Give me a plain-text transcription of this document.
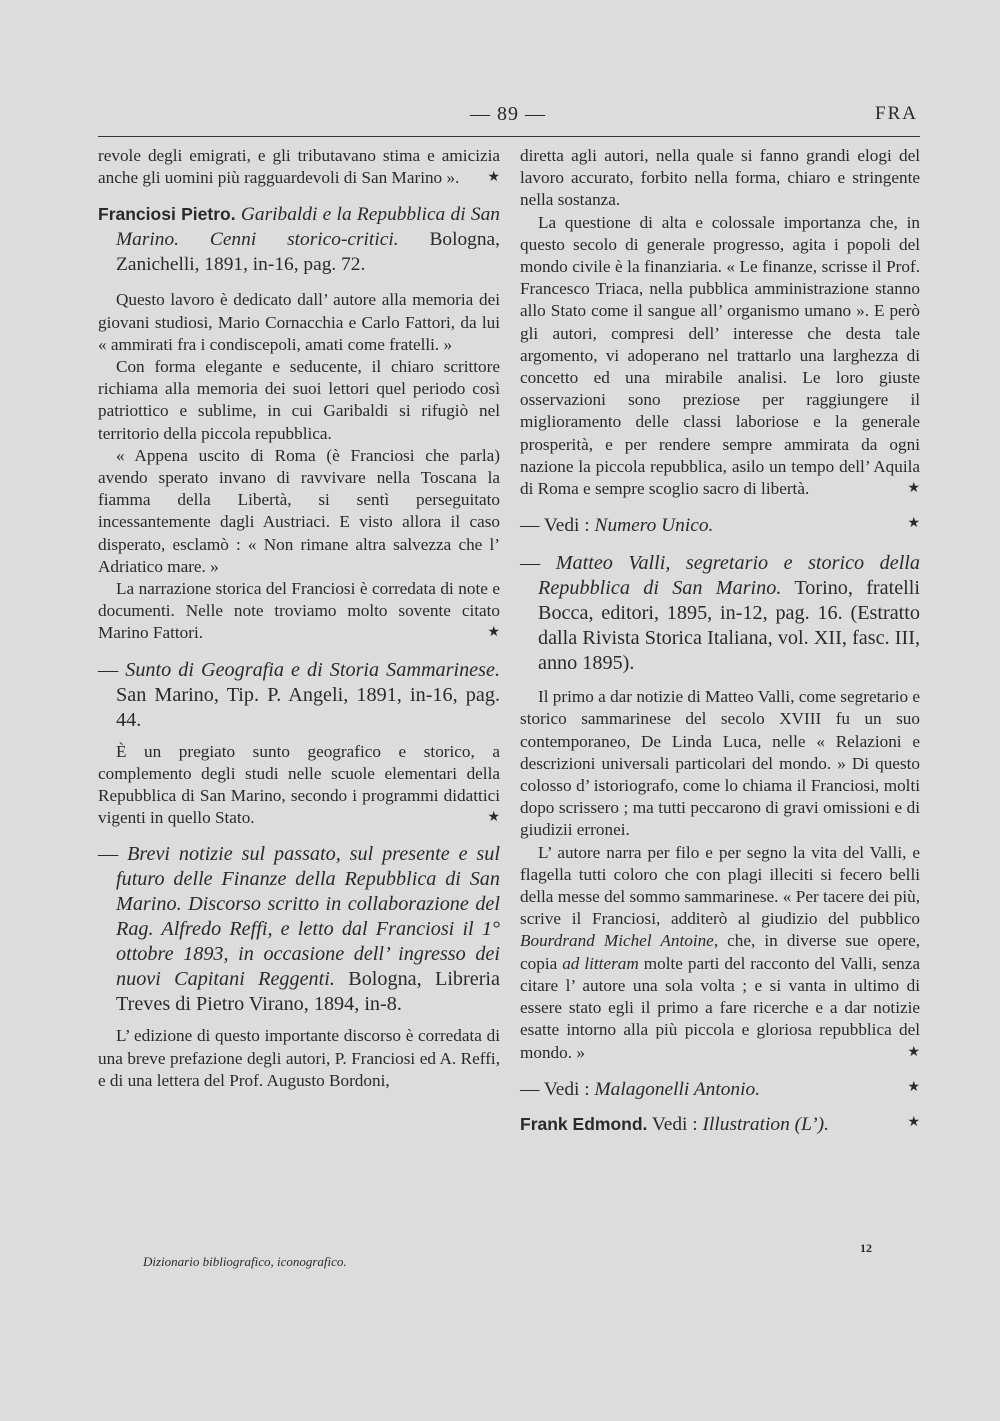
— 89 —	FRA

revole degli emigrati, e gli tributavano stima e amicizia anche gli uomini più ragguardevoli di San Marino ». ★

Franciosi Pietro. Garibaldi e la Repubblica di San Marino. Cenni storico-critici. Bologna, Zanichelli, 1891, in-16, pag. 72.

Questo lavoro è dedicato dall’ autore alla memoria dei giovani studiosi, Mario Cornacchia e Carlo Fattori, da lui « ammirati fra i condiscepoli, amati come fratelli. »

Con forma elegante e seducente, il chiaro scrittore richiama alla memoria dei suoi lettori quel periodo così patriottico e sublime, in cui Garibaldi si rifugiò nel territorio della piccola repubblica.

« Appena uscito di Roma (è Franciosi che parla) avendo sperato invano di ravvivare nella Toscana la fiamma della Libertà, si sentì perseguitato incessantemente dagli Austriaci. E visto allora il caso disperato, esclamò : « Non rimane altra salvezza che l’ Adriatico mare. »

La narrazione storica del Franciosi è corredata di note e documenti. Nelle note troviamo molto sovente citato Marino Fattori.	★

— Sunto di Geografia e di Storia Sammarinese. San Marino, Tip. P. Angeli, 1891, in-16, pag. 44.

È un pregiato sunto geografico e storico, a complemento degli studi nelle scuole elementari della Repubblica di San Marino, secondo i programmi didattici vigenti in quello Stato.	★

— Brevi notizie sul passato, sul presente e sul futuro delle Finanze della Repubblica di San Marino. Discorso scritto in collaborazione del Rag. Alfredo Reffi, e letto dal Franciosi il 1° ottobre 1893, in occasione dell’ ingresso dei nuovi Capitani Reggenti. Bologna, Libreria Treves di Pietro Virano, 1894, in-8.

L’ edizione di questo importante discorso è corredata di una breve prefazione degli autori, P. Franciosi ed A. Reffi, e di una lettera del Prof. Augusto Bordoni,

diretta agli autori, nella quale si fanno grandi elogi del lavoro accurato, forbito nella forma, chiaro e stringente nella sostanza.

La questione di alta e colossale importanza che, in questo secolo di generale progresso, agita i popoli del mondo civile è la finanziaria. « Le finanze, scrisse il Prof. Francesco Triaca, nella pubblica amministrazione stanno allo Stato come il sangue all’ organismo umano ». E però gli autori, compresi dell’ interesse che desta tale argomento, vi adoperano nel trattarlo una larghezza di concetto ed una mirabile analisi. Le loro giuste osservazioni sono preziose per raggiungere il miglioramento delle classi laboriose e la generale prosperità, e per rendere sempre ammirata da ogni nazione la piccola repubblica, asilo un tempo dell’ Aquila di Roma e sempre scoglio sacro di libertà.	★

— Vedi : Numero Unico.	★

— Matteo Valli, segretario e storico della Repubblica di San Marino. Torino, fratelli Bocca, editori, 1895, in-12, pag. 16. (Estratto dalla Rivista Storica Italiana, vol. XII, fasc. III, anno 1895).

Il primo a dar notizie di Matteo Valli, come segretario e storico sammarinese del secolo XVIII fu un suo contemporaneo, De Linda Luca, nelle « Relazioni e descrizioni universali particolari del mondo. » Di questo colosso d’ istoriografo, come lo chiama il Franciosi, molti dopo scrissero ; ma tutti peccarono di gravi omissioni e di giudizii erronei.

L’ autore narra per filo e per segno la vita del Valli, e flagella tutti coloro che con plagi illeciti si fecero belli della messe del sommo sammarinese. « Per tacere dei più, scrive il Franciosi, additerò al giudizio del pubblico Bourdrand Michel Antoine, che, in diverse sue opere, copia ad litteram molte parti del racconto del Valli, senza citare l’ autore una sola volta ; e si vanta in ultimo di essere stato egli il primo a fare ricerche e a dar notizie esatte intorno alla più piccola e gloriosa repubblica del mondo. »	★

— Vedi : Malagonelli Antonio.	★

Frank Edmond. Vedi : Illustration (L’).	★

Dizionario bibliografico, iconografico.
12
